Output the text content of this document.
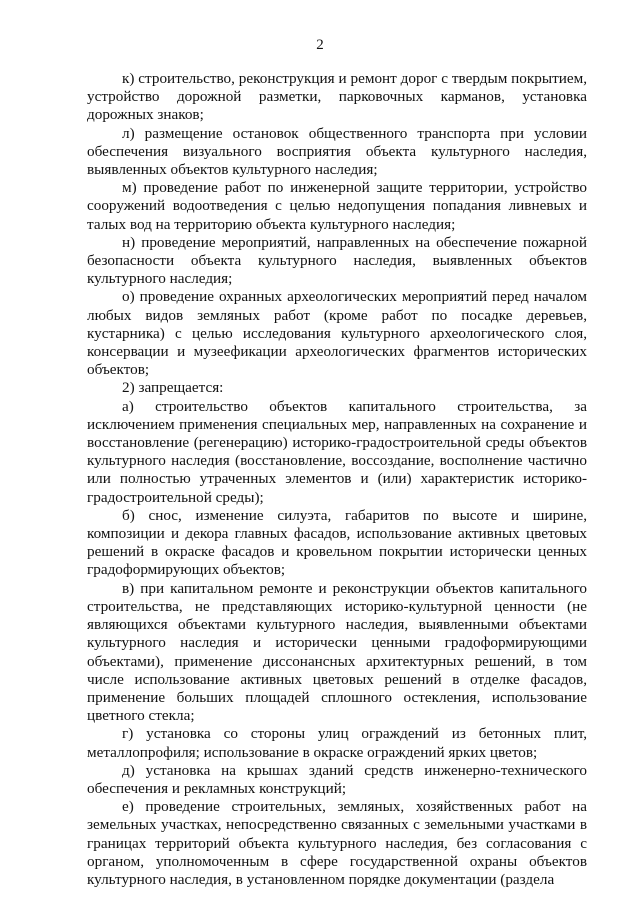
2

к) строительство, реконструкция и ремонт дорог с твердым покрытием, устройство дорожной разметки, парковочных карманов, установка дорожных знаков;

л) размещение остановок общественного транспорта при условии обеспечения визуального восприятия объекта культурного наследия, выявленных объектов культурного наследия;

м) проведение работ по инженерной защите территории, устройство сооружений водоотведения с целью недопущения попадания ливневых и талых вод на территорию объекта культурного наследия;

н) проведение мероприятий, направленных на обеспечение пожарной безопасности объекта культурного наследия, выявленных объектов культурного наследия;

о) проведение охранных археологических мероприятий перед началом любых видов земляных работ (кроме работ по посадке деревьев, кустарника) с целью исследования культурного археологического слоя, консервации и музеефикации археологических фрагментов исторических объектов;

2) запрещается:

а) строительство объектов капитального строительства, за исключением применения специальных мер, направленных на сохранение и восстановление (регенерацию) историко-градостроительной среды объектов культурного наследия (восстановление, воссоздание, восполнение частично или полностью утраченных элементов и (или) характеристик историко-градостроительной среды);

б) снос, изменение силуэта, габаритов по высоте и ширине, композиции и декора главных фасадов, использование активных цветовых решений в окраске фасадов и кровельном покрытии исторически ценных градоформирующих объектов;

в) при капитальном ремонте и реконструкции объектов капитального строительства, не представляющих историко-культурной ценности (не являющихся объектами культурного наследия, выявленными объектами культурного наследия и исторически ценными градоформирующими объектами), применение диссонансных архитектурных решений, в том числе использование активных цветовых решений в отделке фасадов, применение больших площадей сплошного остекления, использование цветного стекла;

г) установка со стороны улиц ограждений из бетонных плит, металлопрофиля; использование в окраске ограждений ярких цветов;

д) установка на крышах зданий средств инженерно-технического обеспечения и рекламных конструкций;

е) проведение строительных, земляных, хозяйственных работ на земельных участках, непосредственно связанных с земельными участками в границах территорий объекта культурного наследия, без согласования с органом, уполномоченным в сфере государственной охраны объектов культурного наследия, в установленном порядке документации (раздела
